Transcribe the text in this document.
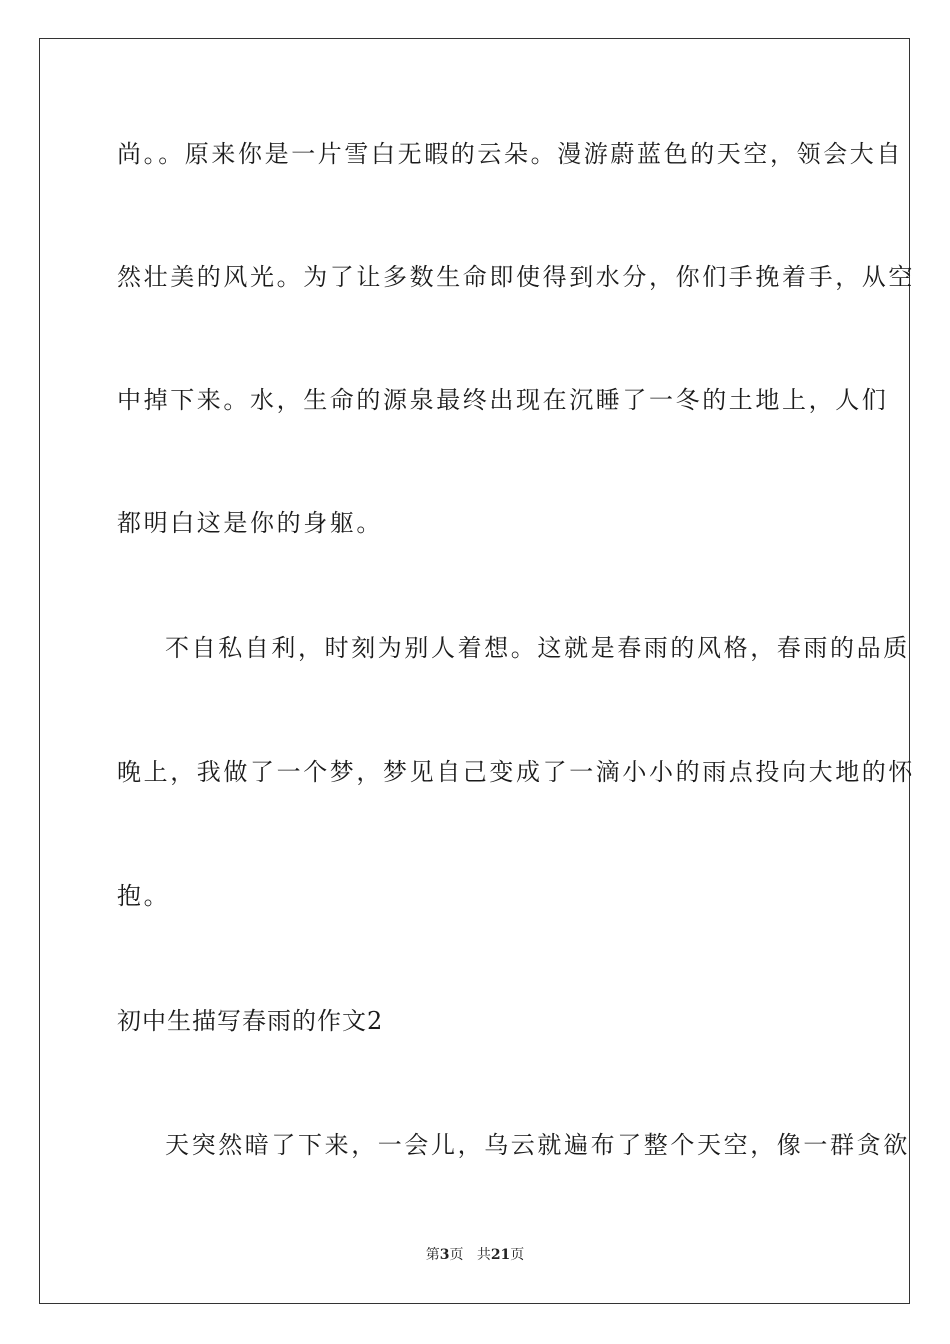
尚。。原来你是一片雪白无暇的云朵。漫游蔚蓝色的天空，领会大自
然壮美的风光。为了让多数生命即使得到水分，你们手挽着手，从空
中掉下来。水，生命的源泉最终出现在沉睡了一冬的土地上，人们
都明白这是你的身躯。
不自私自利，时刻为别人着想。这就是春雨的风格，春雨的品质
晚上，我做了一个梦，梦见自己变成了一滴小小的雨点投向大地的怀
抱。
初中生描写春雨的作文2
天突然暗了下来，一会儿，乌云就遍布了整个天空，像一群贪欲
第3页 共21页
